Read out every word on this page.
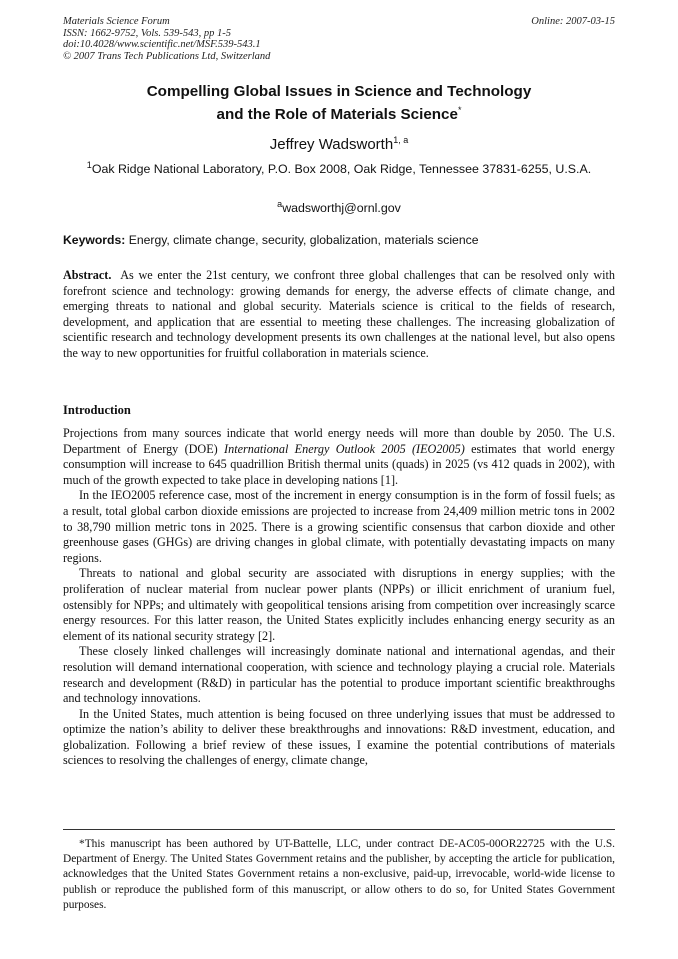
Materials Science Forum
ISSN: 1662-9752, Vols. 539-543, pp 1-5
doi:10.4028/www.scientific.net/MSF.539-543.1
© 2007 Trans Tech Publications Ltd, Switzerland
Online: 2007-03-15
Compelling Global Issues in Science and Technology
and the Role of Materials Science*
Jeffrey Wadsworth$^{1, a}$
$^1$Oak Ridge National Laboratory, P.O. Box 2008, Oak Ridge, Tennessee 37831-6255, U.S.A.
$^a$wadsworthj@ornl.gov
Keywords: Energy, climate change, security, globalization, materials science
Abstract. As we enter the 21st century, we confront three global challenges that can be resolved only with forefront science and technology: growing demands for energy, the adverse effects of climate change, and emerging threats to national and global security. Materials science is critical to the fields of research, development, and application that are essential to meeting these challenges. The increasing globalization of scientific research and technology development presents its own challenges at the national level, but also opens the way to new opportunities for fruitful collaboration in materials science.
Introduction

Projections from many sources indicate that world energy needs will more than double by 2050. The U.S. Department of Energy (DOE) International Energy Outlook 2005 (IEO2005) estimates that world energy consumption will increase to 645 quadrillion British thermal units (quads) in 2025 (vs 412 quads in 2002), with much of the growth expected to take place in developing nations [1].

In the IEO2005 reference case, most of the increment in energy consumption is in the form of fossil fuels; as a result, total global carbon dioxide emissions are projected to increase from 24,409 million metric tons in 2002 to 38,790 million metric tons in 2025. There is a growing scientific consensus that carbon dioxide and other greenhouse gases (GHGs) are driving changes in global climate, with potentially devastating impacts on many regions.

Threats to national and global security are associated with disruptions in energy supplies; with the proliferation of nuclear material from nuclear power plants (NPPs) or illicit enrichment of uranium fuel, ostensibly for NPPs; and ultimately with geopolitical tensions arising from competition over increasingly scarce energy resources. For this latter reason, the United States explicitly includes enhancing energy security as an element of its national security strategy [2].

These closely linked challenges will increasingly dominate national and international agendas, and their resolution will demand international cooperation, with science and technology playing a crucial role. Materials research and development (R&D) in particular has the potential to produce important scientific breakthroughs and technology innovations.

In the United States, much attention is being focused on three underlying issues that must be addressed to optimize the nation’s ability to deliver these breakthroughs and innovations: R&D investment, education, and globalization. Following a brief review of these issues, I examine the potential contributions of materials sciences to resolving the challenges of energy, climate change,

*This manuscript has been authored by UT-Battelle, LLC, under contract DE-AC05-00OR22725 with the U.S. Department of Energy. The United States Government retains and the publisher, by accepting the article for publication, acknowledges that the United States Government retains a non-exclusive, paid-up, irrevocable, world-wide license to publish or reproduce the published form of this manuscript, or allow others to do so, for United States Government purposes.
